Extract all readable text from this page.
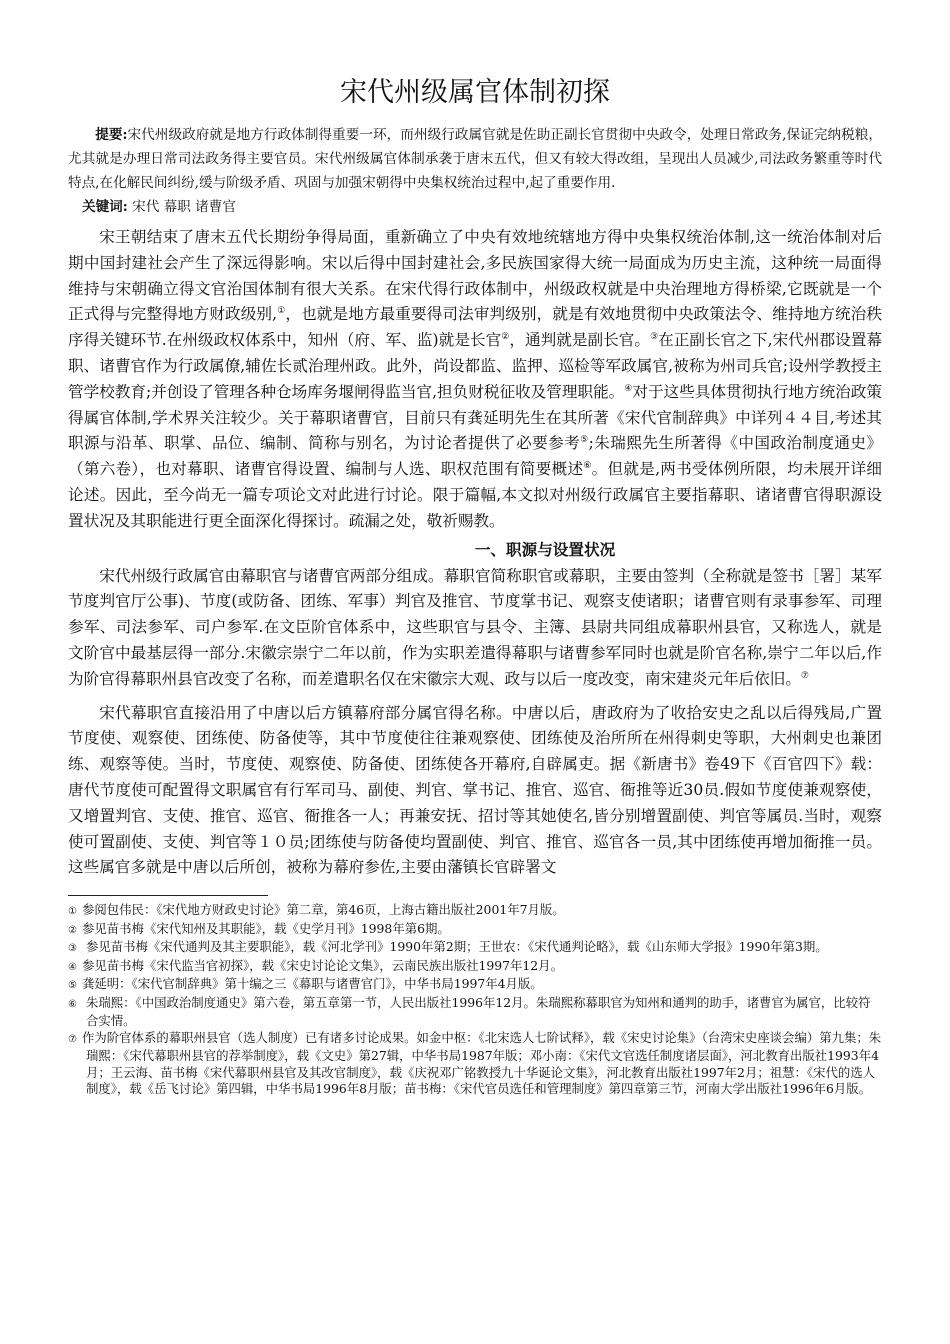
宋代州级属官体制初探

提要:宋代州级政府就是地方行政体制得重要一环，而州级行政属官就是佐助正副长官贯彻中央政令，处理日常政务,保证完纳税粮，尤其就是办理日常司法政务得主要官员。宋代州级属官体制承袭于唐末五代，但又有较大得改组，呈现出人员减少,司法政务繁重等时代特点,在化解民间纠纷,缓与阶级矛盾、巩固与加强宋朝得中央集权统治过程中,起了重要作用.

关键词: 宋代 幕职 诸曹官

宋王朝结束了唐末五代长期纷争得局面，重新确立了中央有效地统辖地方得中央集权统治体制,这一统治体制对后期中国封建社会产生了深远得影响。宋以后得中国封建社会,多民族国家得大统一局面成为历史主流，这种统一局面得维持与宋朝确立得文官治国体制有很大关系。在宋代得行政体制中，州级政权就是中央治理地方得桥梁,它既就是一个正式得与完整得地方财政级别,①，也就是地方最重要得司法审判级别，就是有效地贯彻中央政策法令、维持地方统治秩序得关键环节.在州级政权体系中，知州（府、军、监)就是长官②，通判就是副长官。③在正副长官之下,宋代州郡设置幕职、诸曹官作为行政属僚,辅佐长贰治理州政。此外，尚设都监、监押、巡检等军政属官,被称为州司兵官;设州学教授主管学校教育;并创设了管理各种仓场库务堰闸得监当官,担负财税征收及管理职能。④对于这些具体贯彻执行地方统治政策得属官体制,学术界关注较少。关于幕职诸曹官，目前只有龚延明先生在其所著《宋代官制辞典》中详列４４目,考述其职源与沿革、职掌、品位、编制、简称与别名，为讨论者提供了必要参考⑤;朱瑞熙先生所著得《中国政治制度通史》（第六卷），也对幕职、诸曹官得设置、编制与人选、职权范围有简要概述⑥。但就是,两书受体例所限，均未展开详细论述。因此，至今尚无一篇专项论文对此进行讨论。限于篇幅,本文拟对州级行政属官主要指幕职、诸诸曹官得职源设置状况及其职能进行更全面深化得探讨。疏漏之处，敬祈赐教。

一、职源与设置状况

宋代州级行政属官由幕职官与诸曹官两部分组成。幕职官简称职官或幕职，主要由签判（全称就是签书［署］某军节度判官厅公事)、节度(或防备、团练、军事）判官及推官、节度掌书记、观察支使诸职；诸曹官则有录事参军、司理参军、司法参军、司户参军.在文臣阶官体系中，这些职官与县令、主簿、县尉共同组成幕职州县官，又称选人，就是文阶官中最基层得一部分.宋徽宗崇宁二年以前，作为实职差遣得幕职与诸曹参军同时也就是阶官名称,崇宁二年以后,作为阶官得幕职州县官改变了名称，而差遣职名仅在宋徽宗大观、政与以后一度改变，南宋建炎元年后依旧。⑦

宋代幕职官直接沿用了中唐以后方镇幕府部分属官得名称。中唐以后，唐政府为了收拾安史之乱以后得残局,广置节度使、观察使、团练使、防备使等，其中节度使往往兼观察使、团练使及治所所在州得刺史等职，大州刺史也兼团练、观察等使。当时，节度使、观察使、防备使、团练使各开幕府,自辟属吏。据《新唐书》卷49下《百官四下》载：唐代节度使可配置得文职属官有行军司马、副使、判官、掌书记、推官、巡官、衙推等近30员.假如节度使兼观察使，又增置判官、支使、推官、巡官、衙推各一人；再兼安抚、招讨等其她使名,皆分别增置副使、判官等属员.当时，观察使可置副使、支使、判官等１０员;团练使与防备使均置副使、判官、推官、巡官各一员,其中团练使再增加衙推一员。这些属官多就是中唐以后所创，被称为幕府参佐,主要由藩镇长官辟署文

① 参阅包伟民：《宋代地方财政史讨论》第二章，第46页，上海古籍出版社2001年7月版。

② 参见苗书梅《宋代知州及其职能》，载《史学月刊》1998年第6期。

③ 参见苗书梅《宋代通判及其主要职能》，载《河北学刊》1990年第2期；王世农：《宋代通判论略》，载《山东师大学报》1990年第3期。

④ 参见苗书梅《宋代监当官初探》，载《宋史讨论论文集》，云南民族出版社1997年12月。

⑤ 龚延明：《宋代官制辞典》第十编之三《幕职与诸曹官门》，中华书局1997年4月版。

⑥ 朱瑞熙：《中国政治制度通史》第六卷，第五章第一节，人民出版社1996年12月。朱瑞熙称幕职官为知州和通判的助手，诸曹官为属官，比较符合实情。

⑦ 作为阶官体系的幕职州县官（选人制度）已有诸多讨论成果。如金中枢：《北宋选人七阶试释》，载《宋史讨论集》（台湾宋史座谈会编）第九集；朱瑞熙：《宋代幕职州县官的荐举制度》，载《文史》第27辑，中华书局1987年版；邓小南：《宋代文官选任制度诸层面》，河北教育出版社1993年4月；王云海、苗书梅《宋代幕职州县官及其改官制度》，载《庆祝邓广铭教授九十华诞论文集》，河北教育出版社1997年2月；祖慧：《宋代的选人制度》，载《岳飞讨论》第四辑，中华书局1996年8月版；苗书梅：《宋代官员选任和管理制度》第四章第三节，河南大学出版社1996年6月版。
